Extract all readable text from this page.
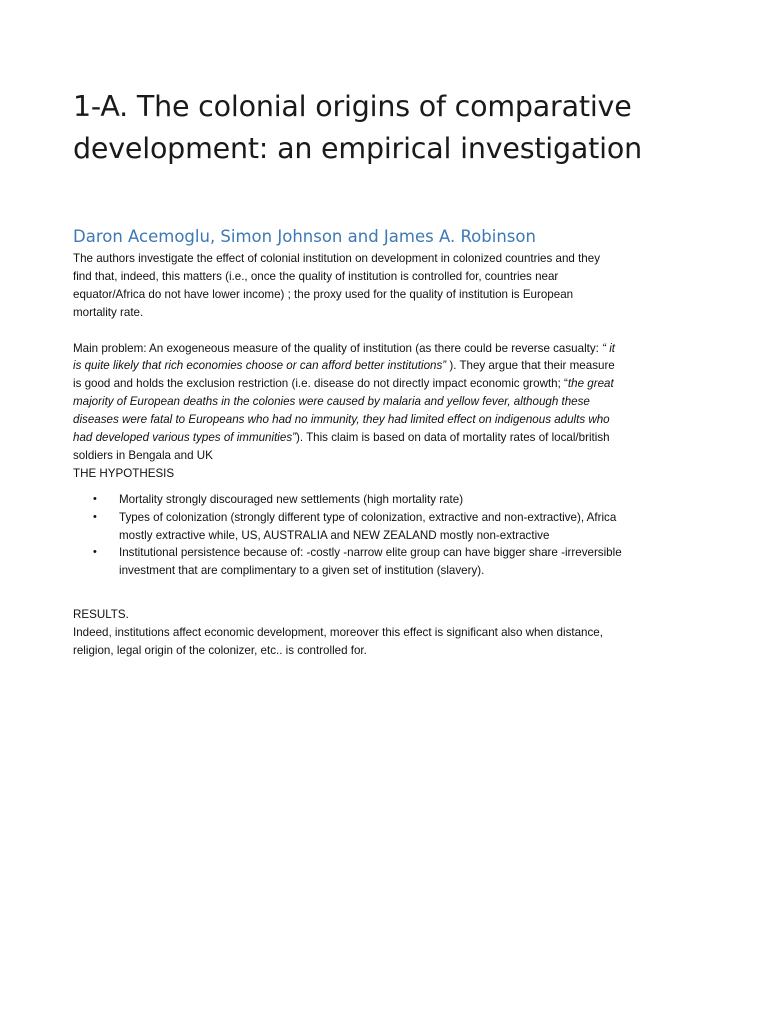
1-A. The colonial origins of comparative
development: an empirical investigation
Daron Acemoglu, Simon Johnson and James A. Robinson

The authors investigate the effect of colonial institution on development in colonized countries and they
find that, indeed, this matters (i.e., once the quality of institution is controlled for, countries near
equator/Africa do not have lower income) ; the proxy used for the quality of institution is European
mortality rate.

Main problem: An exogeneous measure of the quality of institution (as there could be reverse casualty: “ it
is quite likely that rich economies choose or can afford better institutions” ). They argue that their measure
is good and holds the exclusion restriction (i.e. disease do not directly impact economic growth; “the great
majority of European deaths in the colonies were caused by malaria and yellow fever, although these
diseases were fatal to Europeans who had no immunity, they had limited effect on indigenous adults who
had developed various types of immunities”). This claim is based on data of mortality rates of local/british
soldiers in Bengala and UK

THE HYPOTHESIS
• Mortality strongly discouraged new settlements (high mortality rate)
• Types of colonization (strongly different type of colonization, extractive and non-extractive), Africa
mostly extractive while, US, AUSTRALIA and NEW ZEALAND mostly non-extractive
• Institutional persistence because of: -costly -narrow elite group can have bigger share -irreversible
investment that are complimentary to a given set of institution (slavery).
RESULTS.

Indeed, institutions affect economic development, moreover this effect is significant also when distance,
religion, legal origin of the colonizer, etc.. is controlled for.
